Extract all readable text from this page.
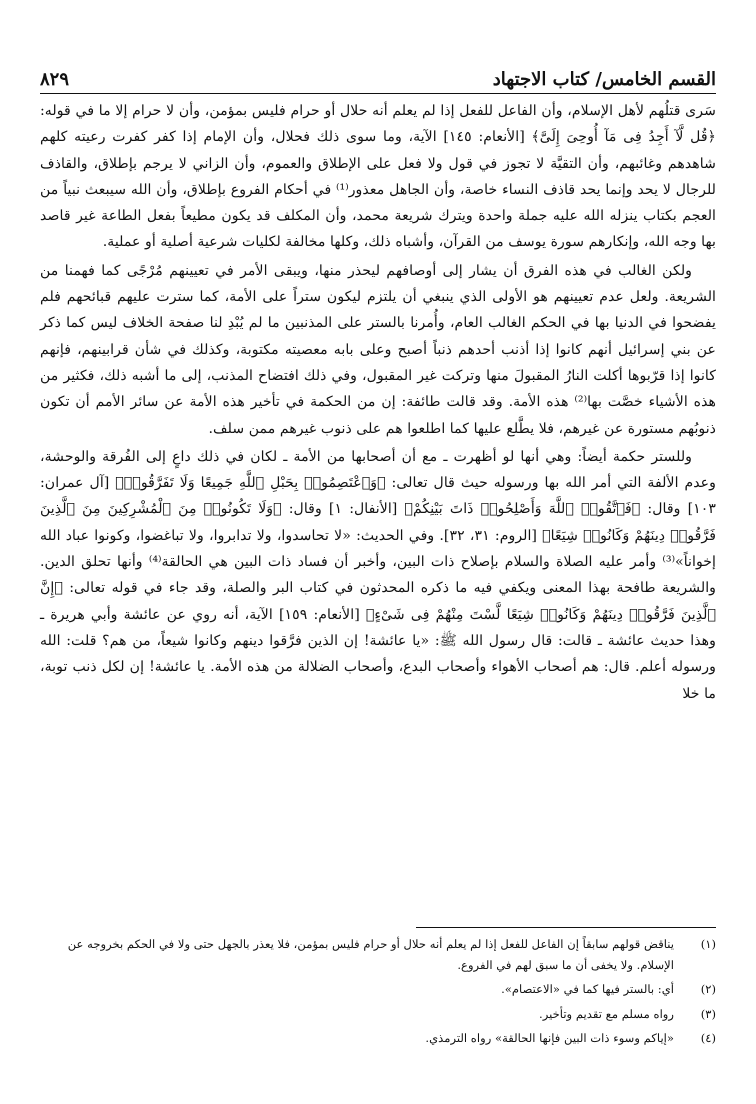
القسم الخامس/ كتاب الاجتهاد
٨٢٩

سَرى قتلُهم لأهل الإسلام، وأن الفاعل للفعل إذا لم يعلم أنه حلال أو حرام فليس بمؤمن، وأن لا حرام إلا ما في قوله: ﴿قُل لَّآ أَجِدُ فِى مَآ أُوحِىَ إِلَىَّ﴾ [الأنعام: ١٤٥] الآية، وما سوى ذلك فحلال، وأن الإمام إذا كفر كفرت رعيته كلهم شاهدهم وغائبهم، وأن التقيَّة لا تجوز في قول ولا فعل على الإطلاق والعموم، وأن الزاني لا يرجم بإطلاق، والقاذف للرجال لا يحد وإنما يحد قاذف النساء خاصة، وأن الجاهل معذور⁽¹⁾ في أحكام الفروع بإطلاق، وأن الله سيبعث نبياً من العجم بكتاب ينزله الله عليه جملة واحدة ويترك شريعة محمد، وأن المكلف قد يكون مطيعاً بفعل الطاعة غير قاصد بها وجه الله، وإنكارهم سورة يوسف من القرآن، وأشباه ذلك، وكلها مخالفة لكليات شرعية أصلية أو عملية.

ولكن الغالب في هذه الفرق أن يشار إلى أوصافهم ليحذر منها، ويبقى الأمر في تعيينهم مُرْجًى كما فهمنا من الشريعة. ولعل عدم تعيينهم هو الأولى الذي ينبغي أن يلتزم ليكون ستراً على الأمة، كما سترت عليهم قبائحهم فلم يفضحوا في الدنيا بها في الحكم الغالب العام، وأُمرنا بالستر على المذنبين ما لم يُبْدِ لنا صفحة الخلاف ليس كما ذكر عن بني إسرائيل أنهم كانوا إذا أذنب أحدهم ذنباً أصبح وعلى بابه معصيته مكتوبة، وكذلك في شأن قرابينهم، فإنهم كانوا إذا قرّبوها أكلت النارُ المقبولَ منها وتركت غير المقبول، وفي ذلك افتضاح المذنب، إلى ما أشبه ذلك، فكثير من هذه الأشياء خصَّت بها⁽²⁾ هذه الأمة. وقد قالت طائفة: إن من الحكمة في تأخير هذه الأمة عن سائر الأمم أن تكون ذنوبُهم مستورة عن غيرهم، فلا يطَّلع عليها كما اطلعوا هم على ذنوب غيرهم ممن سلف.

وللستر حكمة أيضاً: وهي أنها لو أظهرت ـ مع أن أصحابها من الأمة ـ لكان في ذلك داعٍ إلى الفُرقة والوحشة، وعدم الألفة التي أمر الله بها ورسوله حيث قال تعالى: ﴿وَٱعْتَصِمُوا۟ بِحَبْلِ ٱللَّهِ جَمِيعًا وَلَا تَفَرَّقُوا۟﴾ [آل عمران: ١٠٣] وقال: ﴿فَٱتَّقُوا۟ ٱللَّهَ وَأَصْلِحُوا۟ ذَاتَ بَيْنِكُمْ﴾ [الأنفال: ١] وقال: ﴿وَلَا تَكُونُوا۟ مِنَ ٱلْمُشْرِكِينَ مِنَ ٱلَّذِينَ فَرَّقُوا۟ دِينَهُمْ وَكَانُوا۟ شِيَعًا﴾ [الروم: ٣١، ٣٢]. وفي الحديث: «لا تحاسدوا، ولا تدابروا، ولا تباغضوا، وكونوا عباد الله إخواناً»⁽³⁾ وأمر عليه الصلاة والسلام بإصلاح ذات البين، وأخبر أن فساد ذات البين هي الحالقة⁽⁴⁾ وأنها تحلق الدين. والشريعة طافحة بهذا المعنى ويكفي فيه ما ذكره المحدثون في كتاب البر والصلة، وقد جاء في قوله تعالى: ﴿إِنَّ ٱلَّذِينَ فَرَّقُوا۟ دِينَهُمْ وَكَانُوا۟ شِيَعًا لَّسْتَ مِنْهُمْ فِى شَىْءٍ﴾ [الأنعام: ١٥٩] الآية، أنه روي عن عائشة وأبي هريرة ـ وهذا حديث عائشة ـ قالت: قال رسول الله ﷺ: «يا عائشة! إن الذين فرَّقوا دينهم وكانوا شيعاً، من هم؟ قلت: الله ورسوله أعلم. قال: هم أصحاب الأهواء وأصحاب البدع، وأصحاب الضلالة من هذه الأمة. يا عائشة! إن لكل ذنب توبة، ما خلا

(١)
يناقض قولهم سابقاً إن الفاعل للفعل إذا لم يعلم أنه حلال أو حرام فليس بمؤمن، فلا يعذر بالجهل حتى ولا في الحكم بخروجه عن الإسلام. ولا يخفى أن ما سبق لهم في الفروع.
(٢)
أي: بالستر فيها كما في «الاعتصام».
(٣)
رواه مسلم مع تقديم وتأخير.
(٤)
«إياكم وسوء ذات البين فإنها الحالقة» رواه الترمذي.
